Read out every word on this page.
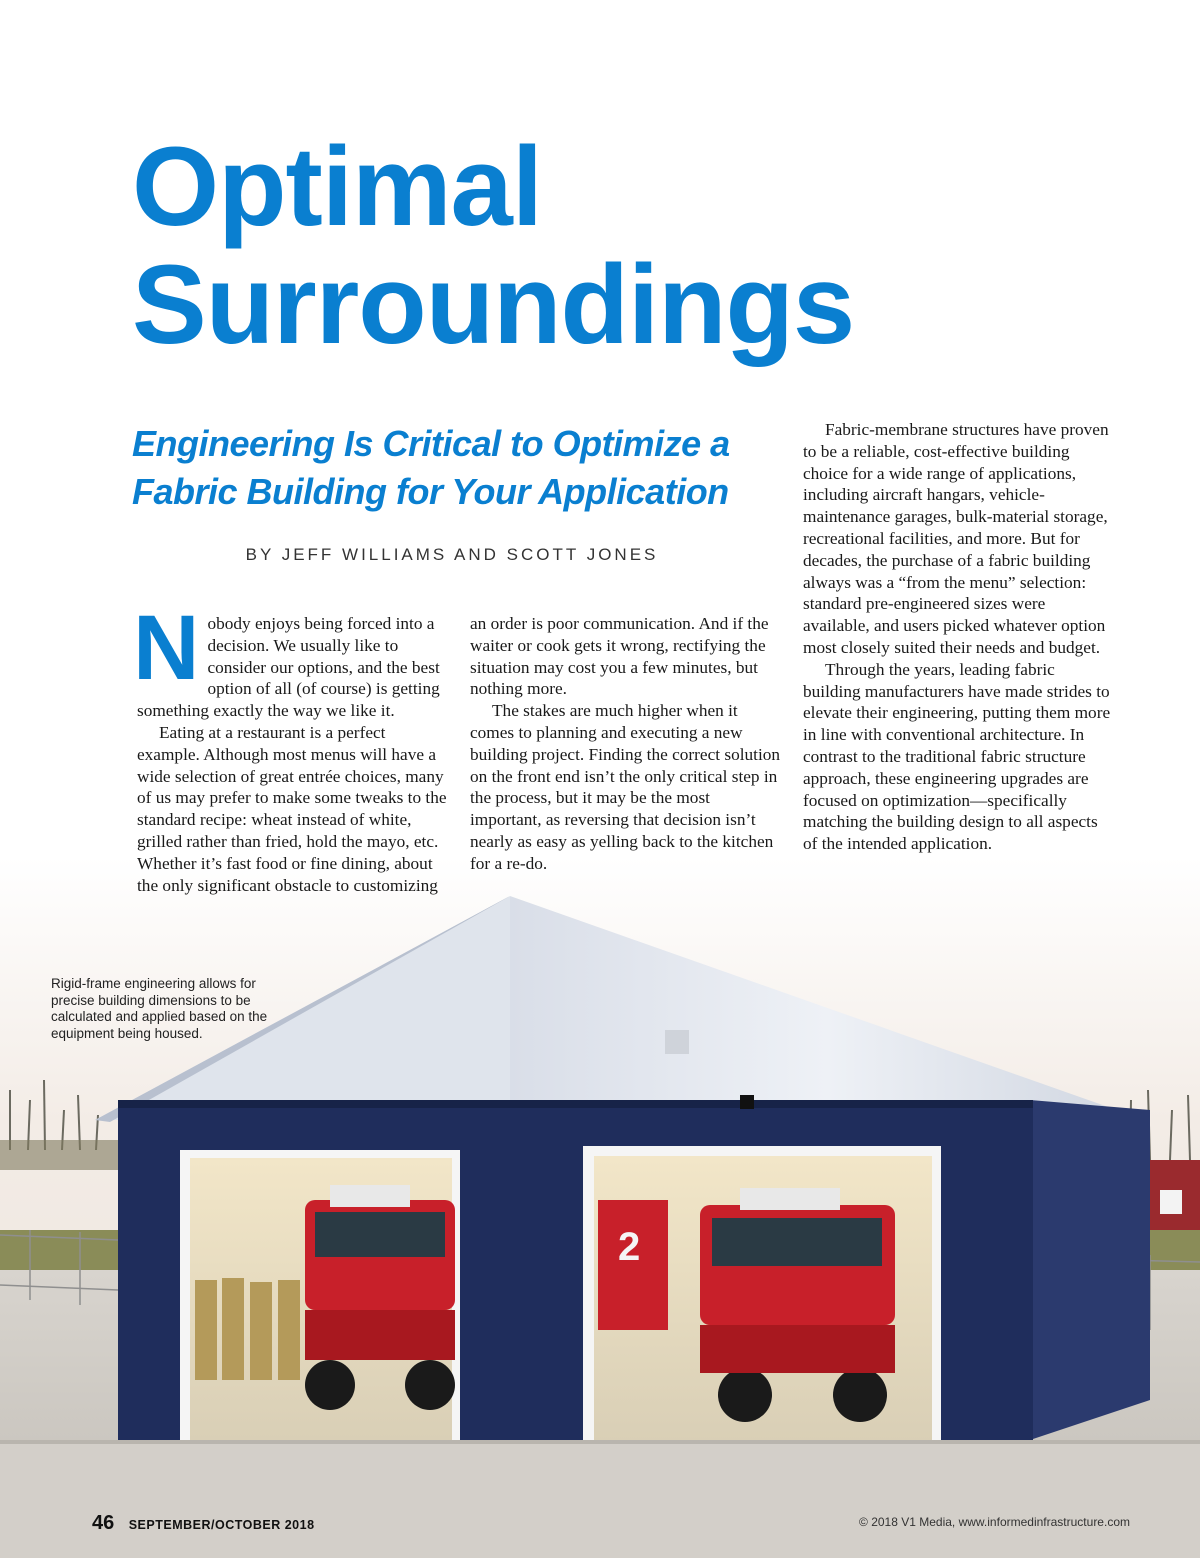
2
Optimal
Surroundings
Engineering Is Critical to Optimize a
Fabric Building for Your Application
BY JEFF WILLIAMS AND SCOTT JONES

Nobody enjoys being forced into a decision. We usually like to consider our options, and the best option of all (of course) is getting something exactly the way we like it.

Eating at a restaurant is a perfect example. Although most menus will have a wide selection of great entrée choices, many of us may prefer to make some tweaks to the standard recipe: wheat instead of white, grilled rather than fried, hold the mayo, etc. Whether it’s fast food or fine dining, about the only significant obstacle to customizing

an order is poor communication. And if the waiter or cook gets it wrong, rectifying the situation may cost you a few minutes, but nothing more.

The stakes are much higher when it comes to planning and executing a new building project. Finding the correct solution on the front end isn’t the only critical step in the process, but it may be the most important, as reversing that decision isn’t nearly as easy as yelling back to the kitchen for a re-do.

Fabric-membrane structures have proven to be a reliable, cost-effective building choice for a wide range of applications, including aircraft hangars, vehicle-maintenance garages, bulk-material storage, recreational facilities, and more. But for decades, the purchase of a fabric building always was a “from the menu” selection: standard pre-engineered sizes were available, and users picked whatever option most closely suited their needs and budget.

Through the years, leading fabric building manufacturers have made strides to elevate their engineering, putting them more in line with conventional architecture. In contrast to the traditional fabric structure approach, these engineering upgrades are focused on optimization—specifically matching the building design to all aspects of the intended application.

Rigid-frame engineering allows for precise building dimensions to be calculated and applied based on the equipment being housed.
46 SEPTEMBER/OCTOBER 2018	© 2018 V1 Media, www.informedinfrastructure.com
